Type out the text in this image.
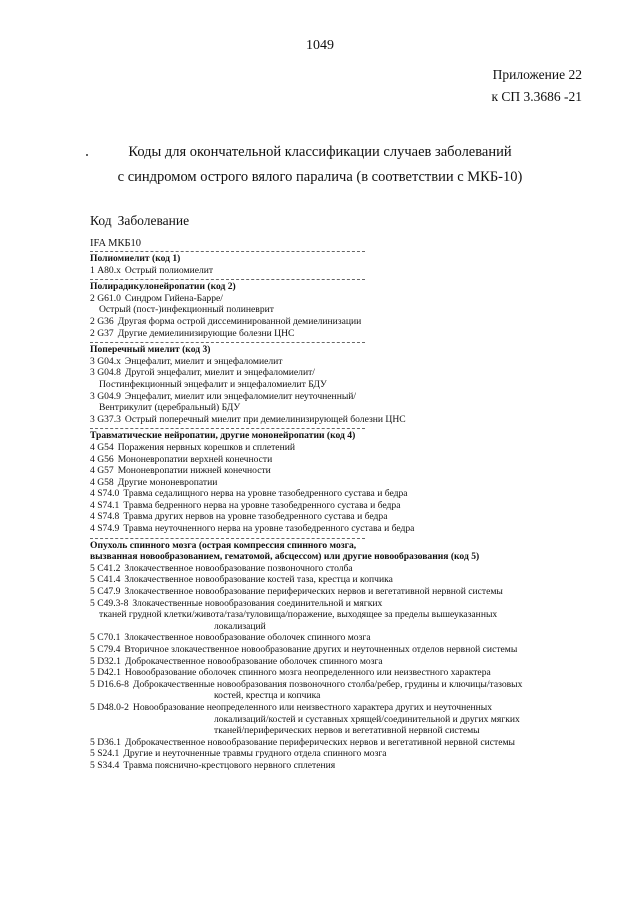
1049
Приложение 22
к СП 3.3686 -21
Коды для окончательной классификации случаев заболеваний
с синдромом острого вялого паралича (в соответствии с МКБ-10)
Код Заболевание
IFA МКБ10
Полиомиелит (код 1)
1 А80.х Острый полиомиелит
Полирадикулонейропатии (код 2)
2 G61.0 Синдром Гийена-Барре/
Острый (пост-)инфекционный полиневрит
2 G36 Другая форма острой диссеминированной демиелинизации
2 G37 Другие демиелинизирующие болезни ЦНС
Поперечный миелит (код 3)
3 G04.х Энцефалит, миелит и энцефаломиелит
3 G04.8 Другой энцефалит, миелит и энцефаломиелит/
Постинфекционный энцефалит и энцефаломиелит БДУ
3 G04.9 Энцефалит, миелит или энцефаломиелит неуточненный/
Вентрикулит (церебральный) БДУ
3 G37.3 Острый поперечный миелит при демиелинизирующей болезни ЦНС
Травматические нейропатии, другие мононейропатии (код 4)
4 G54 Поражения нервных корешков и сплетений
4 G56 Мононевропатии верхней конечности
4 G57 Мононевропатии нижней конечности
4 G58 Другие мононевропатии
4 S74.0 Травма седалищного нерва на уровне тазобедренного сустава и бедра
4 S74.1 Травма бедренного нерва на уровне тазобедренного сустава и бедра
4 S74.8 Травма других нервов на уровне тазобедренного сустава и бедра
4 S74.9 Травма неуточненного нерва на уровне тазобедренного сустава и бедра
Опухоль спинного мозга (острая компрессия спинного мозга,
вызванная новообразованием, гематомой, абсцессом) или другие новообразования (код 5)
5 С41.2 Злокачественное новообразование позвоночного столба
5 С41.4 Злокачественное новообразование костей таза, крестца и копчика
5 С47.9 Злокачественное новообразование периферических нервов и вегетативной нервной системы
5 С49.3-8 Злокачественные новообразования соединительной и мягких
тканей грудной клетки/живота/таза/туловища/поражение, выходящее за пределы вышеуказанных
локализаций
5 С70.1 Злокачественное новообразование оболочек спинного мозга
5 С79.4 Вторичное злокачественное новообразование других и неуточненных отделов нервной системы
5 D32.1 Доброкачественное новообразование оболочек спинного мозга
5 D42.1 Новообразование оболочек спинного мозга неопределенного или неизвестного характера
5 D16.6-8 Доброкачественные новообразования позвоночного столба/ребер, грудины и ключицы/тазовых
костей, крестца и копчика
5 D48.0-2 Новообразование неопределенного или неизвестного характера других и неуточненных
локализаций/костей и суставных хрящей/соединительной и других мягких
тканей/периферических нервов и вегетативной нервной системы
5 D36.1 Доброкачественное новообразование периферических нервов и вегетативной нервной системы
5 S24.1 Другие и неуточненные травмы грудного отдела спинного мозга
5 S34.4 Травма пояснично-крестцового нервного сплетения
